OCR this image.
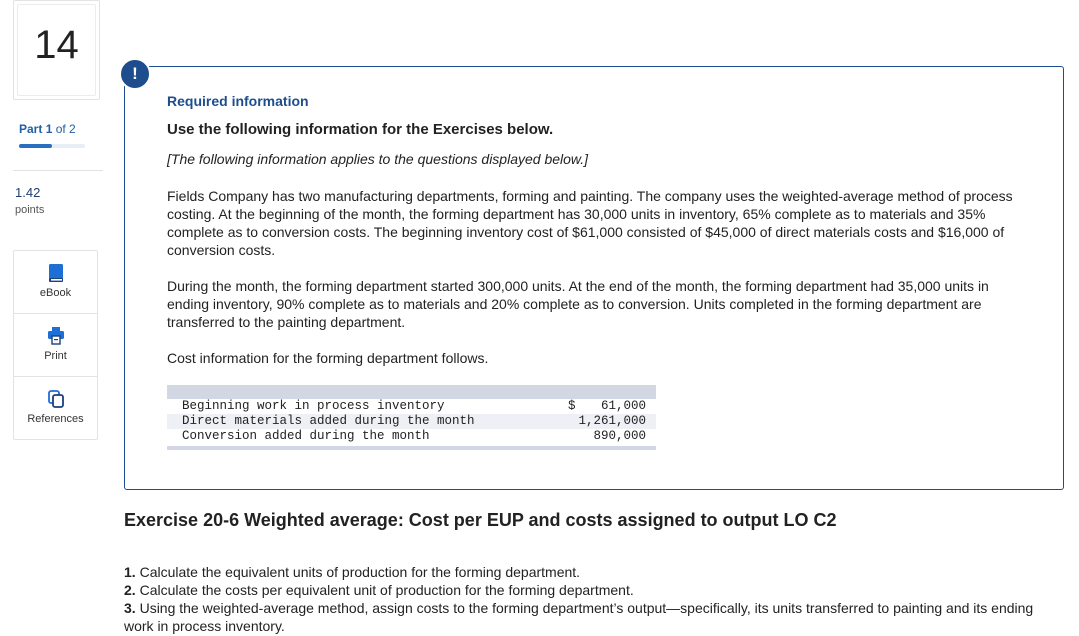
14
Part 1 of 2
1.42
points
eBook
Print
References
!
Required information
Use the following information for the Exercises below.
[The following information applies to the questions displayed below.]
Fields Company has two manufacturing departments, forming and painting. The company uses the weighted-average method of process costing. At the beginning of the month, the forming department has 30,000 units in inventory, 65% complete as to materials and 35% complete as to conversion costs. The beginning inventory cost of $61,000 consisted of $45,000 of direct materials costs and $16,000 of conversion costs.
During the month, the forming department started 300,000 units. At the end of the month, the forming department had 35,000 units in ending inventory, 90% complete as to materials and 20% complete as to conversion. Units completed in the forming department are transferred to the painting department.
Cost information for the forming department follows.
Beginning work in process inventory	$ 61,000
Direct materials added during the month	1,261,000
Conversion added during the month	890,000
Exercise 20-6 Weighted average: Cost per EUP and costs assigned to output LO C2
1. Calculate the equivalent units of production for the forming department.
2. Calculate the costs per equivalent unit of production for the forming department.
3. Using the weighted-average method, assign costs to the forming department’s output—specifically, its units transferred to painting and its ending work in process inventory.
